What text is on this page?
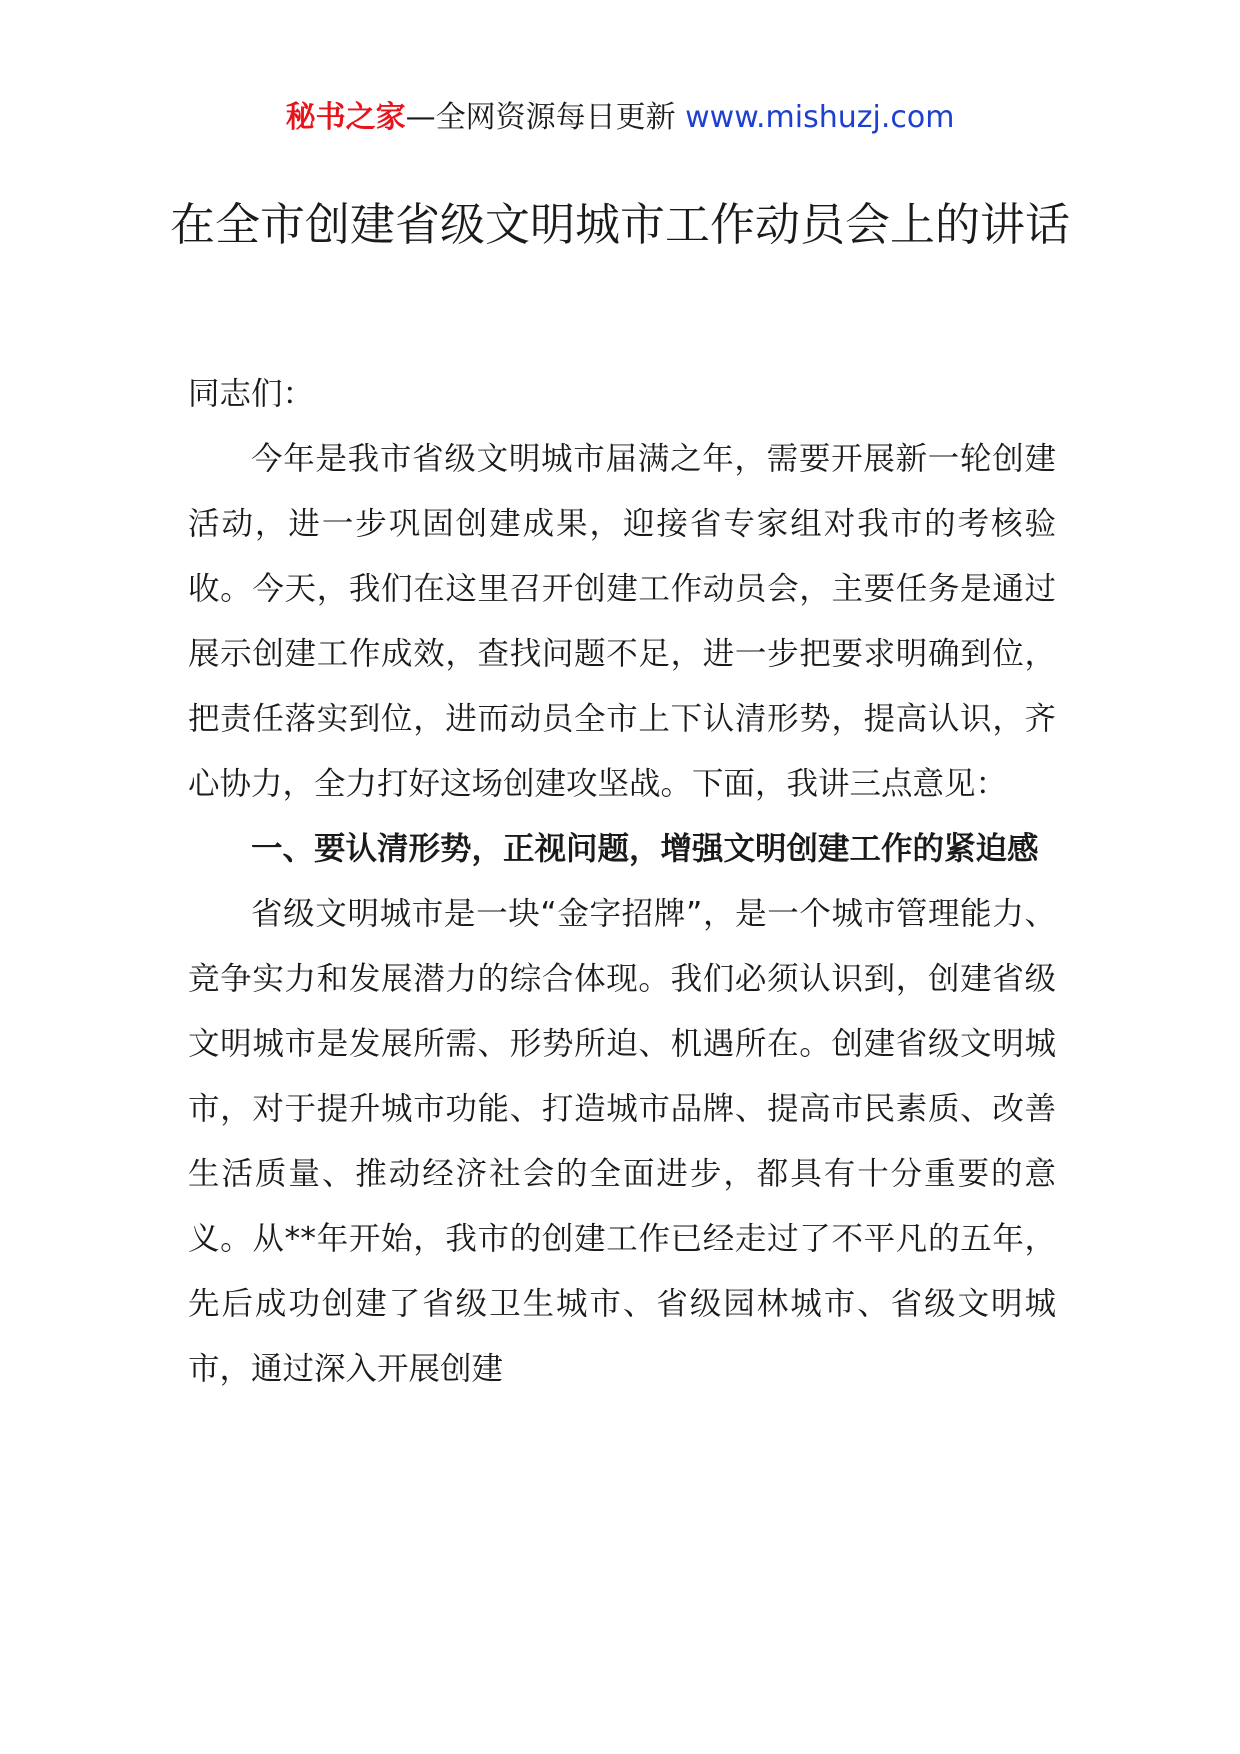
秘书之家—全网资源每日更新 www.mishuzj.com
在全市创建省级文明城市工作动员会上的讲话

同志们：

今年是我市省级文明城市届满之年，需要开展新一轮创建活动，进一步巩固创建成果，迎接省专家组对我市的考核验收。今天，我们在这里召开创建工作动员会，主要任务是通过展示创建工作成效，查找问题不足，进一步把要求明确到位，把责任落实到位，进而动员全市上下认清形势，提高认识，齐心协力，全力打好这场创建攻坚战。下面，我讲三点意见：

一、要认清形势，正视问题，增强文明创建工作的紧迫感

省级文明城市是一块“金字招牌”，是一个城市管理能力、竞争实力和发展潜力的综合体现。我们必须认识到，创建省级文明城市是发展所需、形势所迫、机遇所在。创建省级文明城市，对于提升城市功能、打造城市品牌、提高市民素质、改善生活质量、推动经济社会的全面进步，都具有十分重要的意义。从**年开始，我市的创建工作已经走过了不平凡的五年，先后成功创建了省级卫生城市、省级园林城市、省级文明城市，通过深入开展创建
